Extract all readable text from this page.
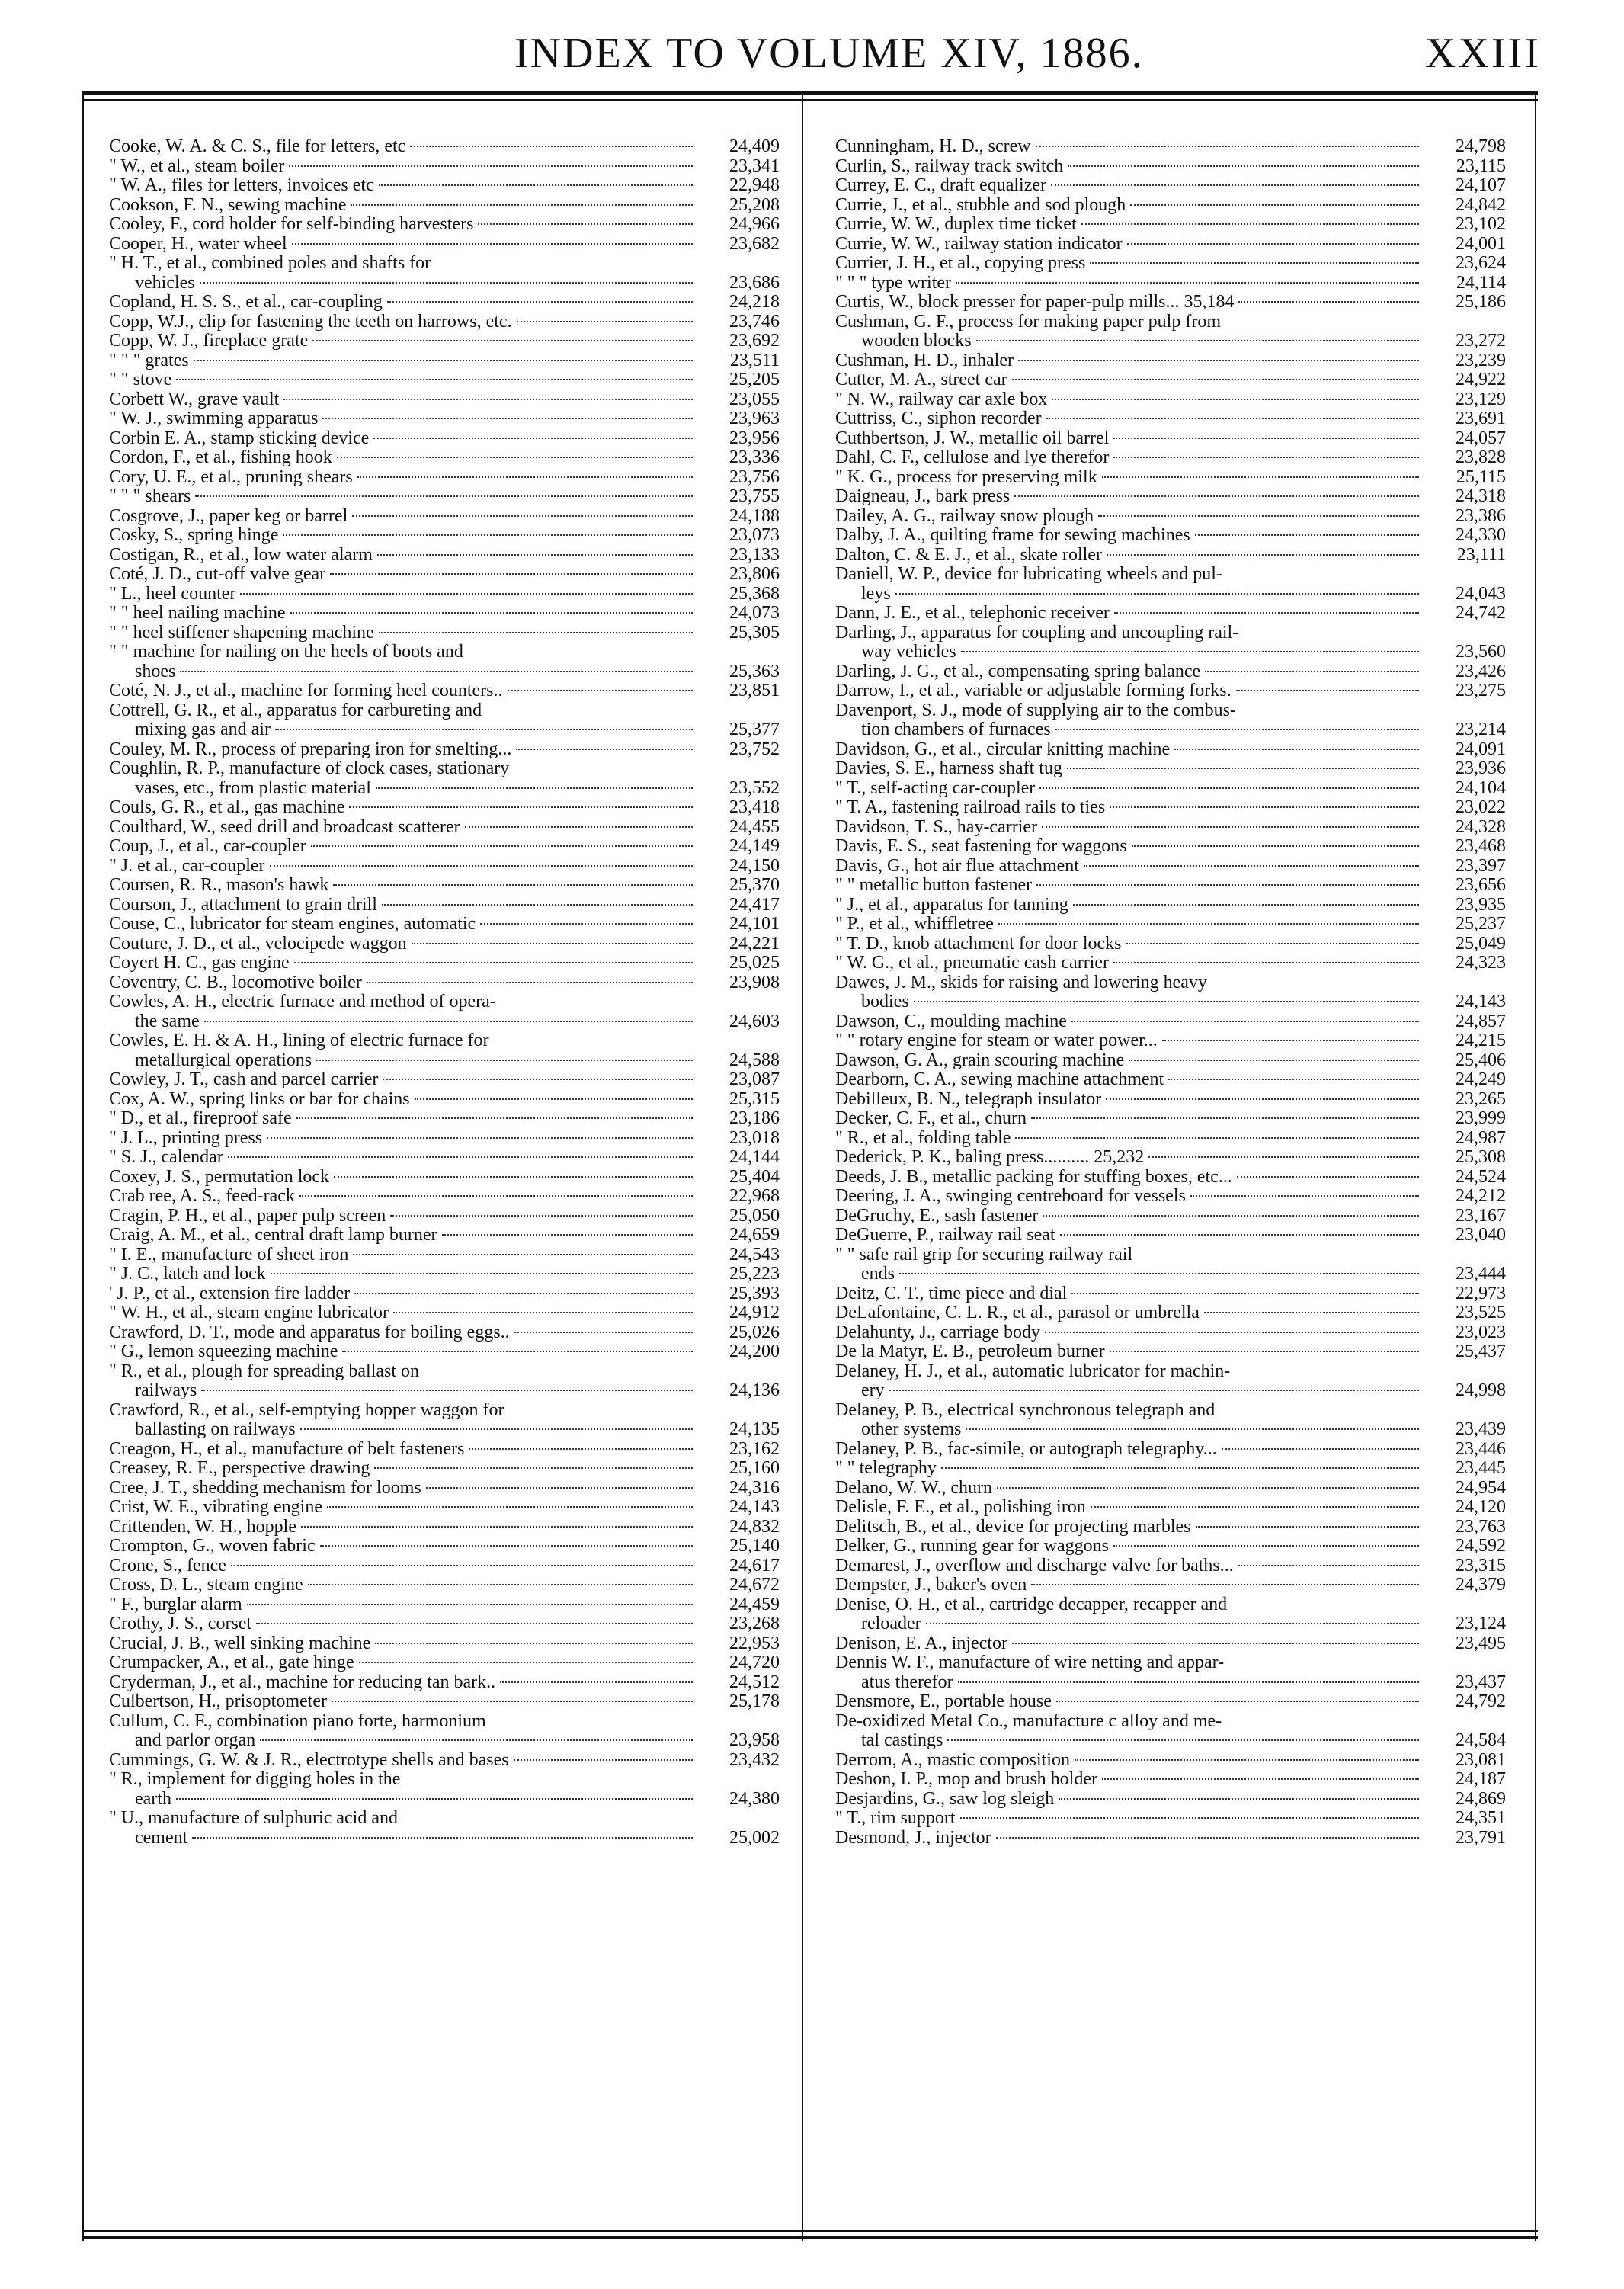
INDEX TO VOLUME XIV, 1886.	XXIII
Cooke, W. A. & C. S., file for letters, etc	24,409
" W., et al., steam boiler	23,341
" W. A., files for letters, invoices etc	22,948
Cookson, F. N., sewing machine	25,208
Cooley, F., cord holder for self-binding harvesters	24,966
Cooper, H., water wheel	23,682
" H. T., et al., combined poles and shafts for
vehicles	23,686
Copland, H. S. S., et al., car-coupling	24,218
Copp, W.J., clip for fastening the teeth on harrows, etc.	23,746
Copp, W. J., fireplace grate	23,692
" " " grates	23,511
" " stove	25,205
Corbett W., grave vault	23,055
" W. J., swimming apparatus	23,963
Corbin E. A., stamp sticking device	23,956
Cordon, F., et al., fishing hook	23,336
Cory, U. E., et al., pruning shears	23,756
" " " shears	23,755
Cosgrove, J., paper keg or barrel	24,188
Cosky, S., spring hinge	23,073
Costigan, R., et al., low water alarm	23,133
Coté, J. D., cut-off valve gear	23,806
" L., heel counter	25,368
" " heel nailing machine	24,073
" " heel stiffener shapening machine	25,305
" " machine for nailing on the heels of boots and
shoes	25,363
Coté, N. J., et al., machine for forming heel counters..	23,851
Cottrell, G. R., et al., apparatus for carbureting and
mixing gas and air	25,377
Couley, M. R., process of preparing iron for smelting...	23,752
Coughlin, R. P., manufacture of clock cases, stationary
vases, etc., from plastic material	23,552
Couls, G. R., et al., gas machine	23,418
Coulthard, W., seed drill and broadcast scatterer	24,455
Coup, J., et al., car-coupler	24,149
" J. et al., car-coupler	24,150
Coursen, R. R., mason's hawk	25,370
Courson, J., attachment to grain drill	24,417
Couse, C., lubricator for steam engines, automatic	24,101
Couture, J. D., et al., velocipede waggon	24,221
Coyert H. C., gas engine	25,025
Coventry, C. B., locomotive boiler	23,908
Cowles, A. H., electric furnace and method of opera-
the same	24,603
Cowles, E. H. & A. H., lining of electric furnace for
metallurgical operations	24,588
Cowley, J. T., cash and parcel carrier	23,087
Cox, A. W., spring links or bar for chains	25,315
" D., et al., fireproof safe	23,186
" J. L., printing press	23,018
" S. J., calendar	24,144
Coxey, J. S., permutation lock	25,404
Crab ree, A. S., feed-rack	22,968
Cragin, P. H., et al., paper pulp screen	25,050
Craig, A. M., et al., central draft lamp burner	24,659
" I. E., manufacture of sheet iron	24,543
" J. C., latch and lock	25,223
' J. P., et al., extension fire ladder	25,393
" W. H., et al., steam engine lubricator	24,912
Crawford, D. T., mode and apparatus for boiling eggs..	25,026
" G., lemon squeezing machine	24,200
" R., et al., plough for spreading ballast on
railways	24,136
Crawford, R., et al., self-emptying hopper waggon for
ballasting on railways	24,135
Creagon, H., et al., manufacture of belt fasteners	23,162
Creasey, R. E., perspective drawing	25,160
Cree, J. T., shedding mechanism for looms	24,316
Crist, W. E., vibrating engine	24,143
Crittenden, W. H., hopple	24,832
Crompton, G., woven fabric	25,140
Crone, S., fence	24,617
Cross, D. L., steam engine	24,672
" F., burglar alarm	24,459
Crothy, J. S., corset	23,268
Crucial, J. B., well sinking machine	22,953
Crumpacker, A., et al., gate hinge	24,720
Cryderman, J., et al., machine for reducing tan bark..	24,512
Culbertson, H., prisoptometer	25,178
Cullum, C. F., combination piano forte, harmonium
and parlor organ	23,958
Cummings, G. W. & J. R., electrotype shells and bases	23,432
" R., implement for digging holes in the
earth	24,380
" U., manufacture of sulphuric acid and
cement	25,002
Cunningham, H. D., screw	24,798
Curlin, S., railway track switch	23,115
Currey, E. C., draft equalizer	24,107
Currie, J., et al., stubble and sod plough	24,842
Currie, W. W., duplex time ticket	23,102
Currie, W. W., railway station indicator	24,001
Currier, J. H., et al., copying press	23,624
" " " type writer	24,114
Curtis, W., block presser for paper-pulp mills... 35,184	25,186
Cushman, G. F., process for making paper pulp from
wooden blocks	23,272
Cushman, H. D., inhaler	23,239
Cutter, M. A., street car	24,922
" N. W., railway car axle box	23,129
Cuttriss, C., siphon recorder	23,691
Cuthbertson, J. W., metallic oil barrel	24,057
Dahl, C. F., cellulose and lye therefor	23,828
" K. G., process for preserving milk	25,115
Daigneau, J., bark press	24,318
Dailey, A. G., railway snow plough	23,386
Dalby, J. A., quilting frame for sewing machines	24,330
Dalton, C. & E. J., et al., skate roller	23,111
Daniell, W. P., device for lubricating wheels and pul-
leys	24,043
Dann, J. E., et al., telephonic receiver	24,742
Darling, J., apparatus for coupling and uncoupling rail-
way vehicles	23,560
Darling, J. G., et al., compensating spring balance	23,426
Darrow, I., et al., variable or adjustable forming forks.	23,275
Davenport, S. J., mode of supplying air to the combus-
tion chambers of furnaces	23,214
Davidson, G., et al., circular knitting machine	24,091
Davies, S. E., harness shaft tug	23,936
" T., self-acting car-coupler	24,104
" T. A., fastening railroad rails to ties	23,022
Davidson, T. S., hay-carrier	24,328
Davis, E. S., seat fastening for waggons	23,468
Davis, G., hot air flue attachment	23,397
" " metallic button fastener	23,656
" J., et al., apparatus for tanning	23,935
" P., et al., whiffletree	25,237
" T. D., knob attachment for door locks	25,049
" W. G., et al., pneumatic cash carrier	24,323
Dawes, J. M., skids for raising and lowering heavy
bodies	24,143
Dawson, C., moulding machine	24,857
" " rotary engine for steam or water power...	24,215
Dawson, G. A., grain scouring machine	25,406
Dearborn, C. A., sewing machine attachment	24,249
Debilleux, B. N., telegraph insulator	23,265
Decker, C. F., et al., churn	23,999
" R., et al., folding table	24,987
Dederick, P. K., baling press.......... 25,232	25,308
Deeds, J. B., metallic packing for stuffing boxes, etc...	24,524
Deering, J. A., swinging centreboard for vessels	24,212
DeGruchy, E., sash fastener	23,167
DeGuerre, P., railway rail seat	23,040
" " safe rail grip for securing railway rail
ends	23,444
Deitz, C. T., time piece and dial	22,973
DeLafontaine, C. L. R., et al., parasol or umbrella	23,525
Delahunty, J., carriage body	23,023
De la Matyr, E. B., petroleum burner	25,437
Delaney, H. J., et al., automatic lubricator for machin-
ery	24,998
Delaney, P. B., electrical synchronous telegraph and
other systems	23,439
Delaney, P. B., fac-simile, or autograph telegraphy...	23,446
" " telegraphy	23,445
Delano, W. W., churn	24,954
Delisle, F. E., et al., polishing iron	24,120
Delitsch, B., et al., device for projecting marbles	23,763
Delker, G., running gear for waggons	24,592
Demarest, J., overflow and discharge valve for baths...	23,315
Dempster, J., baker's oven	24,379
Denise, O. H., et al., cartridge decapper, recapper and
reloader	23,124
Denison, E. A., injector	23,495
Dennis W. F., manufacture of wire netting and appar-
atus therefor	23,437
Densmore, E., portable house	24,792
De-oxidized Metal Co., manufacture c alloy and me-
tal castings	24,584
Derrom, A., mastic composition	23,081
Deshon, I. P., mop and brush holder	24,187
Desjardins, G., saw log sleigh	24,869
" T., rim support	24,351
Desmond, J., injector	23,791
